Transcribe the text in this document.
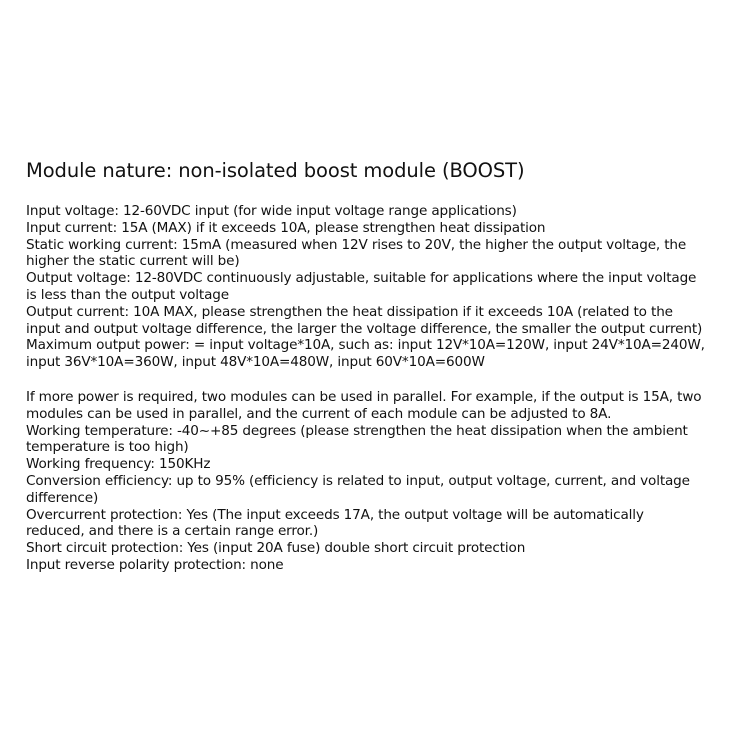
Module nature: non-isolated boost module (BOOST)

Input voltage: 12-60VDC input (for wide input voltage range applications)
Input current: 15A (MAX) if it exceeds 10A, please strengthen heat dissipation
Static working current: 15mA (measured when 12V rises to 20V, the higher the output voltage, the
higher the static current will be)
Output voltage: 12-80VDC continuously adjustable, suitable for applications where the input voltage
is less than the output voltage
Output current: 10A MAX, please strengthen the heat dissipation if it exceeds 10A (related to the
input and output voltage difference, the larger the voltage difference, the smaller the output current)
Maximum output power: = input voltage*10A, such as: input 12V*10A=120W, input 24V*10A=240W,
input 36V*10A=360W, input 48V*10A=480W, input 60V*10A=600W

If more power is required, two modules can be used in parallel. For example, if the output is 15A, two
modules can be used in parallel, and the current of each module can be adjusted to 8A.
Working temperature: -40~+85 degrees (please strengthen the heat dissipation when the ambient
temperature is too high)
Working frequency: 150KHz
Conversion efficiency: up to 95% (efficiency is related to input, output voltage, current, and voltage
difference)
Overcurrent protection: Yes (The input exceeds 17A, the output voltage will be automatically
reduced, and there is a certain range error.)
Short circuit protection: Yes (input 20A fuse) double short circuit protection
Input reverse polarity protection: none
